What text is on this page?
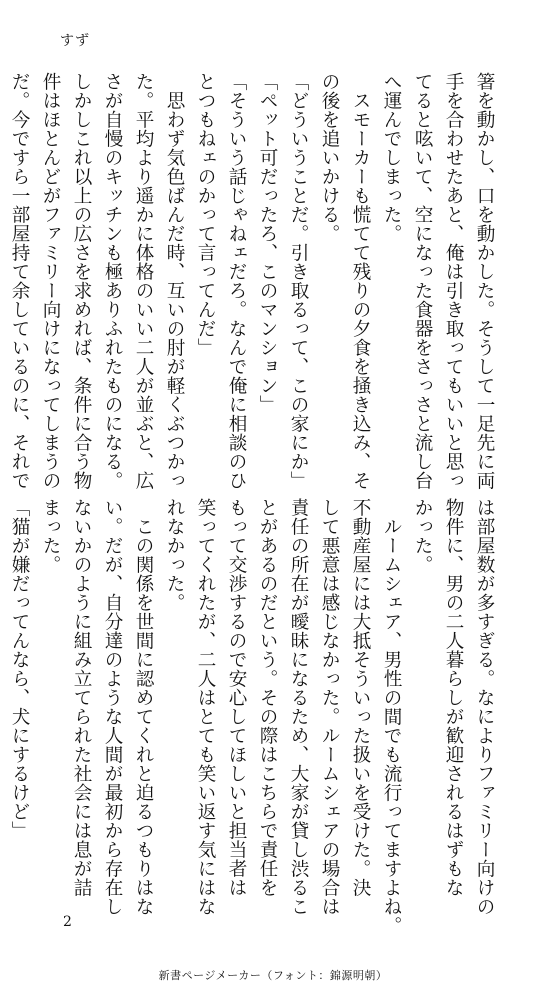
すず

箸を動かし、口を動かした。そうして一足先に両

手を合わせたあと、俺は引き取ってもいいと思っ

てると呟いて、空になった食器をさっさと流し台

へ運んでしまった。

　スモーカーも慌てて残りの夕食を掻き込み、そ

の後を追いかける。

「どういうことだ。引き取るって、この家にか」

「ペット可だったろ、このマンション」

「そういう話じゃねェだろ。なんで俺に相談のひ

とつもねェのかって言ってんだ」

　思わず気色ばんだ時、互いの肘が軽くぶつかっ

た。平均より遥かに体格のいい二人が並ぶと、広

さが自慢のキッチンも極ありふれたものになる。

しかしこれ以上の広さを求めれば、条件に合う物

件はほとんどがファミリー向けになってしまうの

だ。今ですら一部屋持て余しているのに、それで

は部屋数が多すぎる。なによりファミリー向けの

物件に、男の二人暮らしが歓迎されるはずもな

かった。

　ルームシェア、男性の間でも流行ってますよね。

不動産屋には大抵そういった扱いを受けた。決

して悪意は感じなかった。ルームシェアの場合は

責任の所在が曖昧になるため、大家が貸し渋るこ

とがあるのだという。その際はこちらで責任を

もって交渉するので安心してほしいと担当者は

笑ってくれたが、二人はとても笑い返す気にはな

れなかった。

　この関係を世間に認めてくれと迫るつもりはな

い。だが、自分達のような人間が最初から存在し

ないかのように組み立てられた社会には息が詰

まった。

「猫が嫌だってんなら、犬にするけど」

2
新書ページメーカー（フォント：錦源明朝）
